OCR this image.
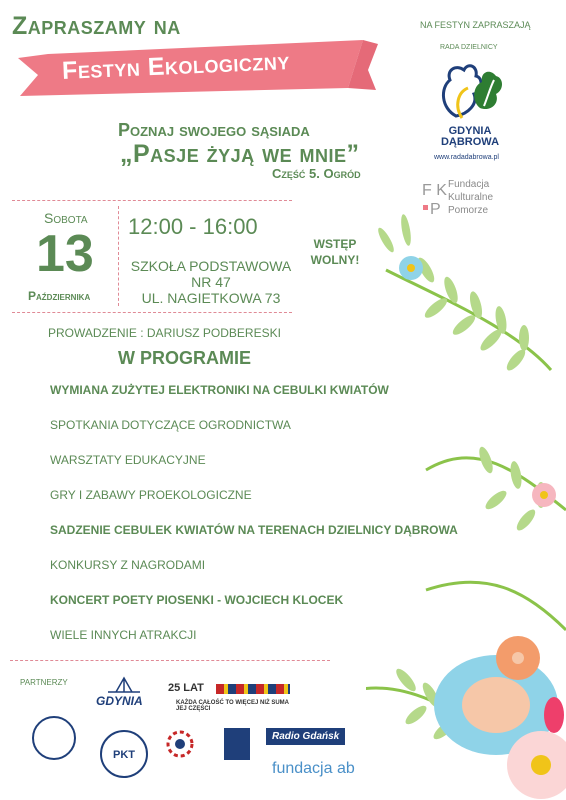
Zapraszamy na
Festyn Ekologiczny
Poznaj swojego sąsiada
„Pasje żyją we mnie”
Część 5. Ogród
Sobota
13
Października
12:00 - 16:00
SZKOŁA PODSTAWOWA
NR 47
UL. NAGIETKOWA 73
WSTĘP
WOLNY!
PROWADZENIE : DARIUSZ PODBERESKI
W PROGRAMIE
WYMIANA ZUŻYTEJ ELEKTRONIKI NA CEBULKI KWIATÓW
SPOTKANIA DOTYCZĄCE OGRODNICTWA
WARSZTATY EDUKACYJNE
GRY I ZABAWY PROEKOLOGICZNE
SADZENIE CEBULEK KWIATÓW NA TERENACH DZIELNICY DĄBROWA
KONKURSY Z NAGRODAMI
KONCERT POETY PIOSENKI - WOJCIECH KLOCEK
WIELE INNYCH ATRAKCJI
NA FESTYN ZAPRASZAJĄ
RADA DZIELNICY
GDYNIA
DĄBROWA
www.radadabrowa.pl
F K
P
Fundacja
Kulturalne
Pomorze
PARTNERZY
GDYNIA
25 LAT
KAŻDA CAŁOŚĆ TO WIĘCEJ NIŻ SUMA JEJ CZĘŚCI
PKT
Radio Gdańsk
fundacja ab
